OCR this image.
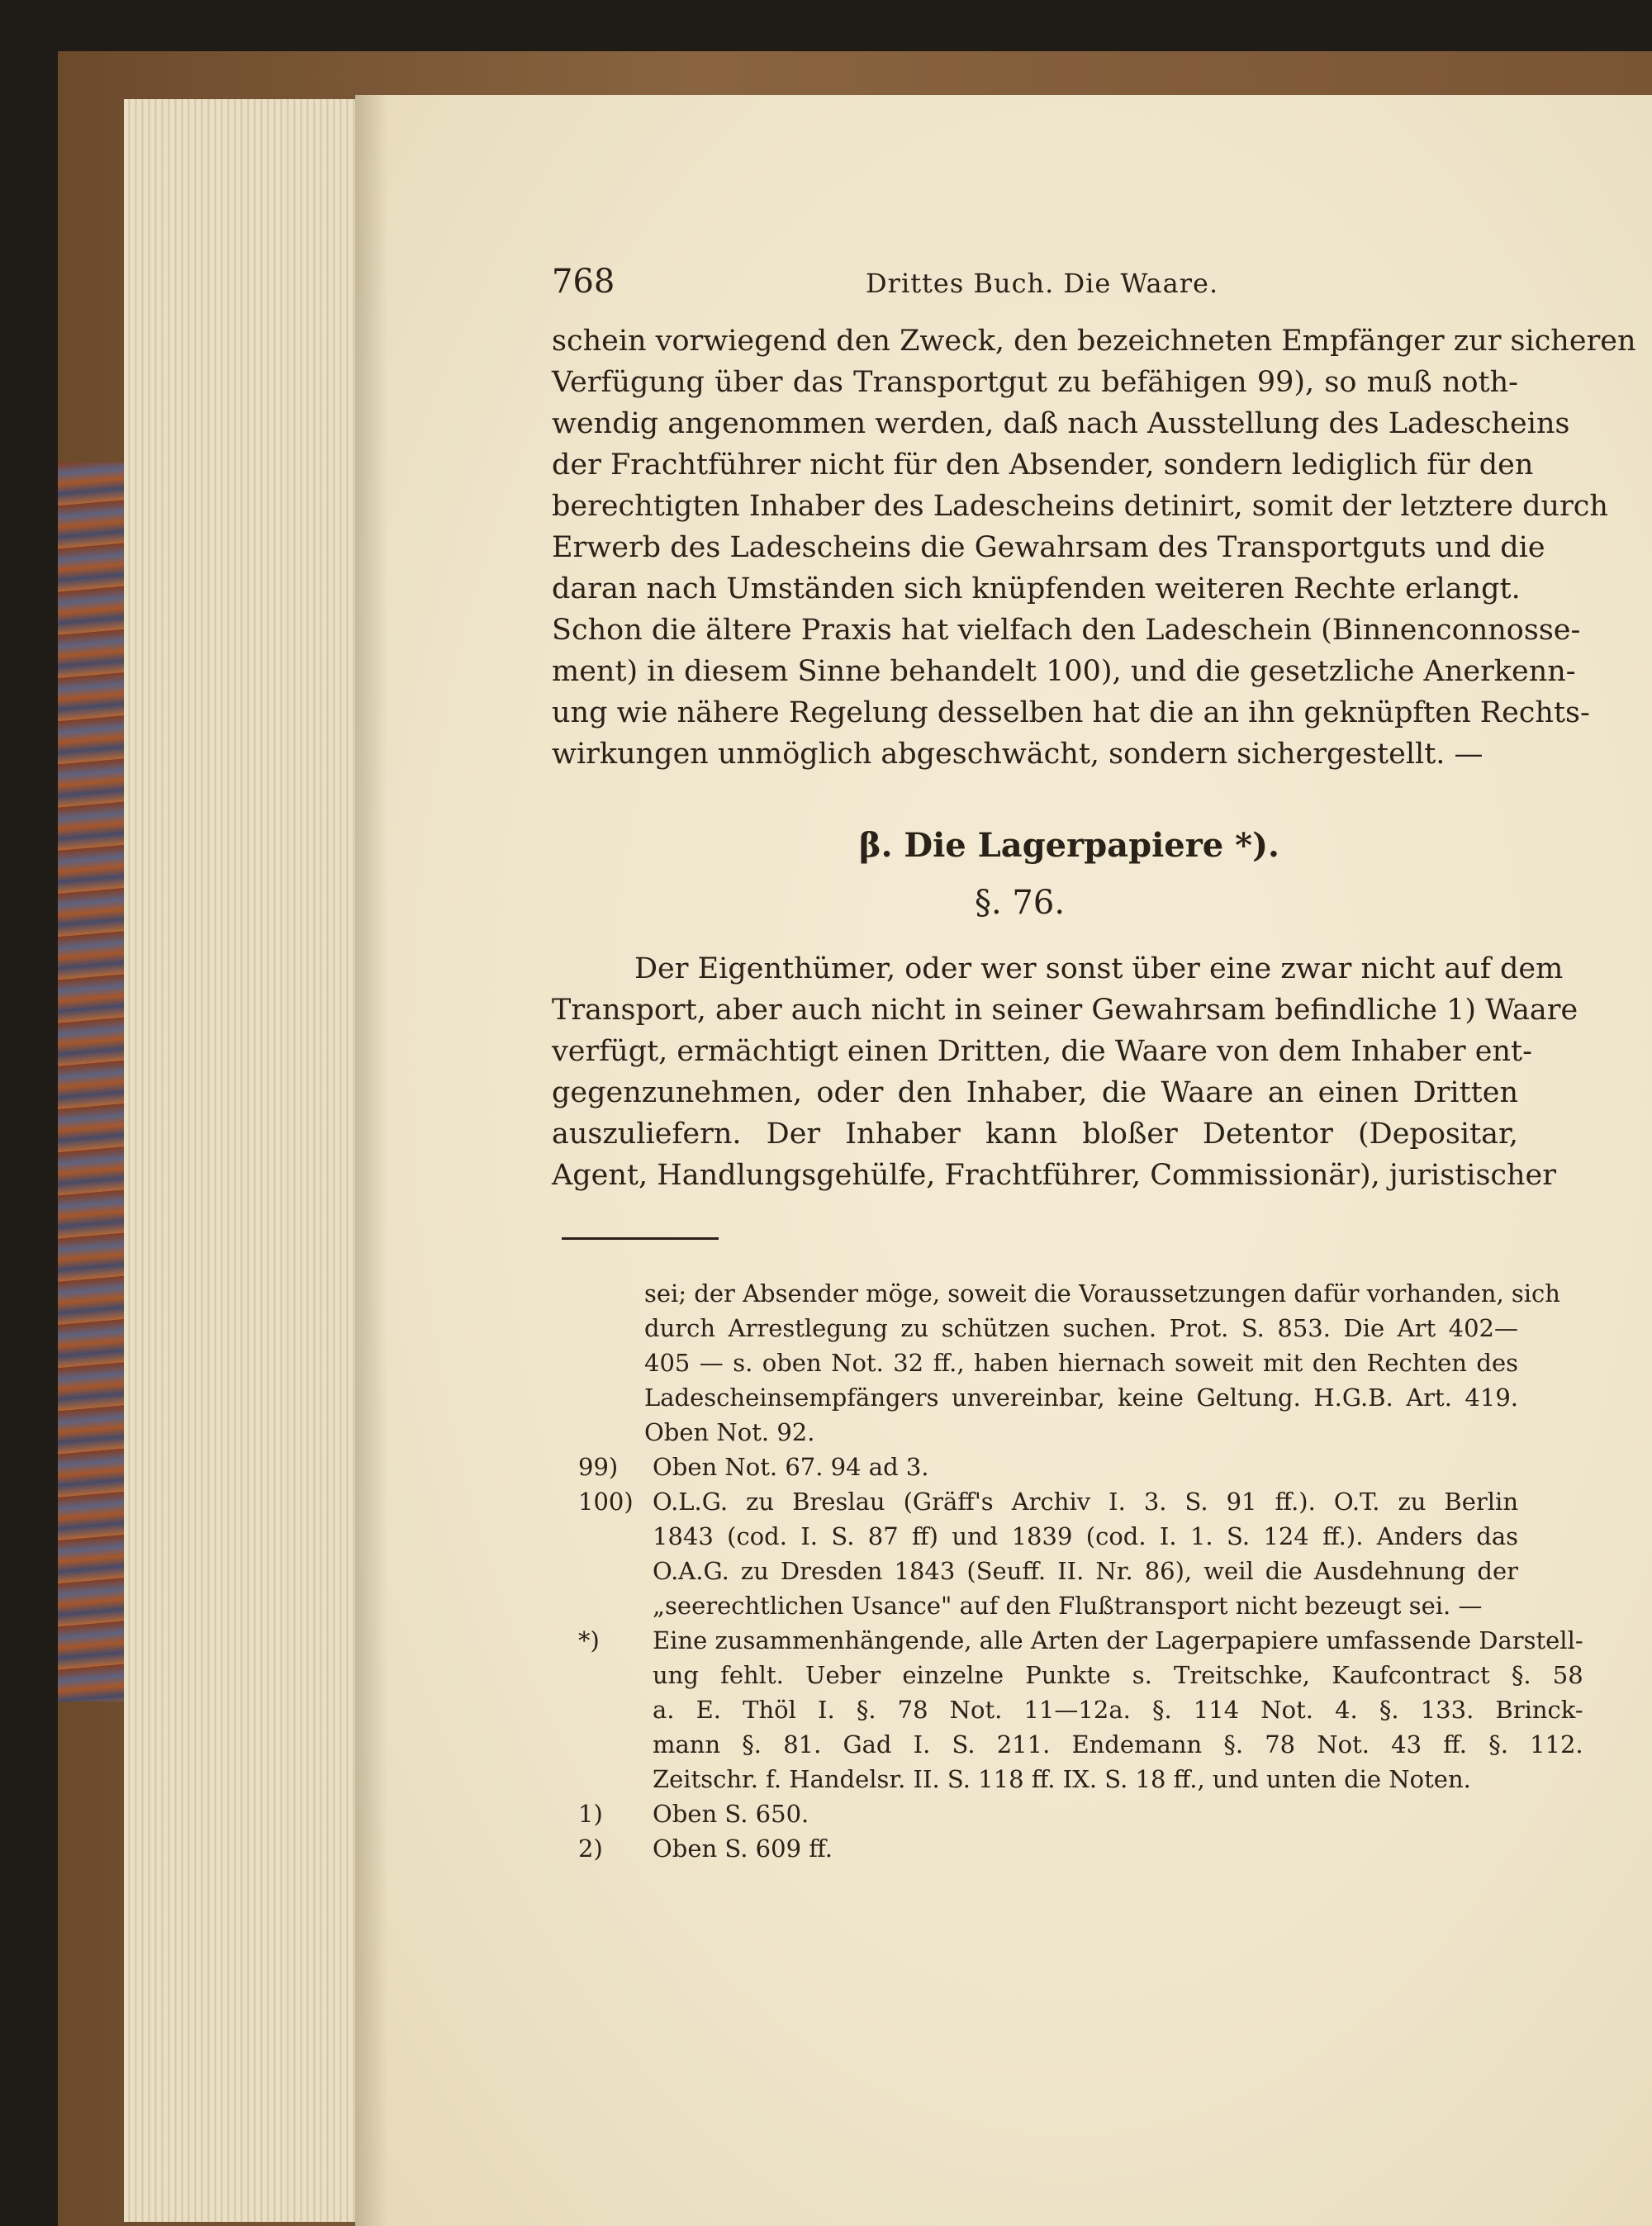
768	Drittes Buch. Die Waare.
schein vorwiegend den Zweck, den bezeichneten Empfänger zur sicheren
Verfügung über das Transportgut zu befähigen 99), so muß noth-
wendig angenommen werden, daß nach Ausstellung des Ladescheins
der Frachtführer nicht für den Absender, sondern lediglich für den
berechtigten Inhaber des Ladescheins detinirt, somit der letztere durch
Erwerb des Ladescheins die Gewahrsam des Transportguts und die
daran nach Umständen sich knüpfenden weiteren Rechte erlangt.
Schon die ältere Praxis hat vielfach den Ladeschein (Binnenconnosse-
ment) in diesem Sinne behandelt 100), und die gesetzliche Anerkenn-
ung wie nähere Regelung desselben hat die an ihn geknüpften Rechts-
wirkungen unmöglich abgeschwächt, sondern sichergestellt. —
β. Die Lagerpapiere *).
§. 76.
Der Eigenthümer, oder wer sonst über eine zwar nicht auf dem
Transport, aber auch nicht in seiner Gewahrsam befindliche 1) Waare
verfügt, ermächtigt einen Dritten, die Waare von dem Inhaber ent-
gegenzunehmen, oder den Inhaber, die Waare an einen Dritten
auszuliefern. Der Inhaber kann bloßer Detentor (Depositar,
Agent, Handlungsgehülfe, Frachtführer, Commissionär), juristischer
sei; der Absender möge, soweit die Voraussetzungen dafür vorhanden, sich
durch Arrestlegung zu schützen suchen. Prot. S. 853. Die Art 402—
405 — s. oben Not. 32 ff., haben hiernach soweit mit den Rechten des
Ladescheinsempfängers unvereinbar, keine Geltung. H.G.B. Art. 419.
Oben Not. 92.
99)	Oben Not. 67. 94 ad 3.
100) O.L.G. zu Breslau (Gräff's Archiv I. 3. S. 91 ff.). O.T. zu Berlin
1843 (cod. I. S. 87 ff) und 1839 (cod. I. 1. S. 124 ff.). Anders das
O.A.G. zu Dresden 1843 (Seuff. II. Nr. 86), weil die Ausdehnung der
„seerechtlichen Usance" auf den Flußtransport nicht bezeugt sei. —
*)	Eine zusammenhängende, alle Arten der Lagerpapiere umfassende Darstell-
ung fehlt. Ueber einzelne Punkte s. Treitschke, Kaufcontract §. 58
a. E. Thöl I. §. 78 Not. 11—12a. §. 114 Not. 4. §. 133. Brinck-
mann §. 81. Gad I. S. 211. Endemann §. 78 Not. 43 ff. §. 112.
Zeitschr. f. Handelsr. II. S. 118 ff. IX. S. 18 ff., und unten die Noten.
1)	Oben S. 650.
2)	Oben S. 609 ff.
